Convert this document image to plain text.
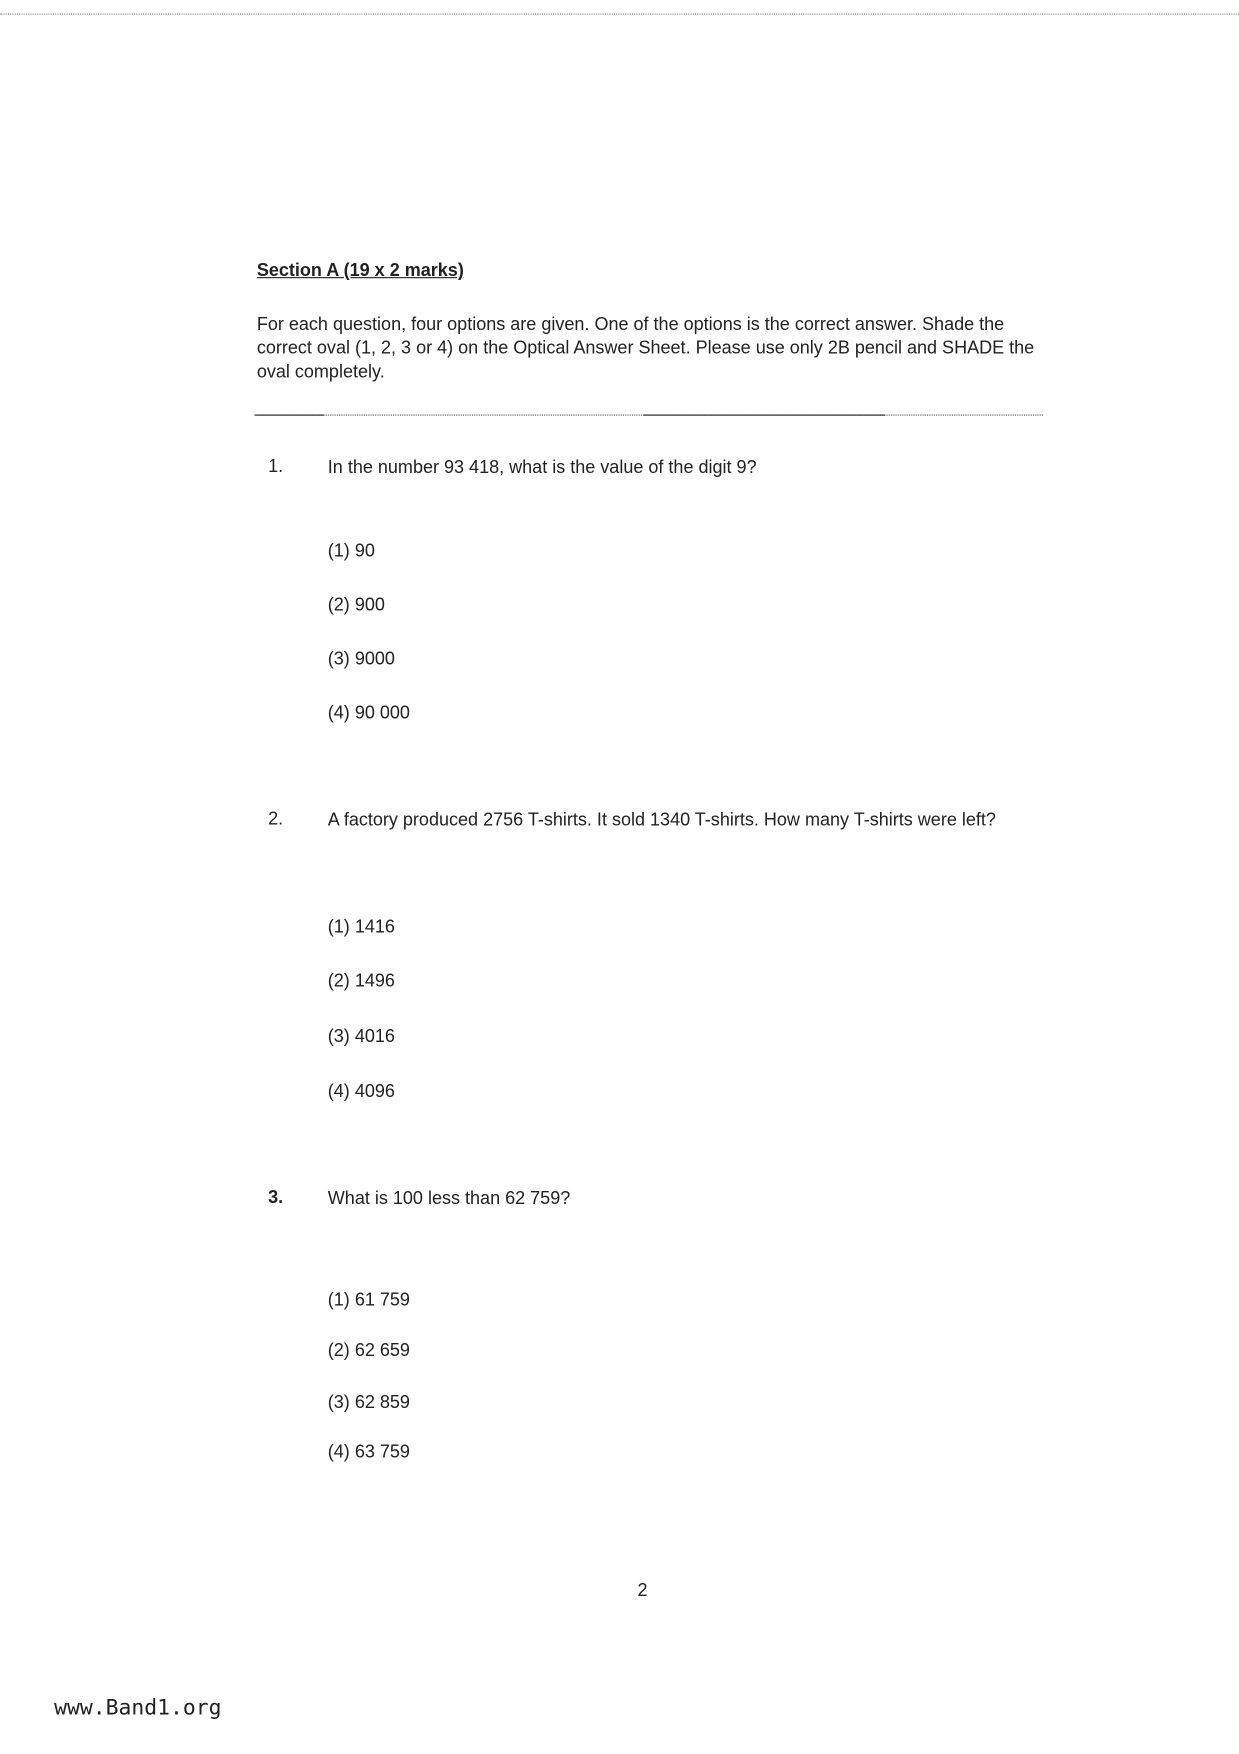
Section A (19 x 2 marks)
For each question, four options are given. One of the options is the correct answer. Shade the correct oval (1, 2, 3 or 4) on the Optical Answer Sheet. Please use only 2B pencil and SHADE the oval completely.
1.	In the number 93 418, what is the value of the digit 9?
(1) 90
(2) 900
(3) 9000
(4) 90 000
2.	A factory produced 2756 T-shirts. It sold 1340 T-shirts. How many T-shirts were left?
(1) 1416
(2) 1496
(3) 4016
(4) 4096
3.	What is 100 less than 62 759?
(1) 61 759
(2) 62 659
(3) 62 859
(4) 63 759
2
www.Band1.org
